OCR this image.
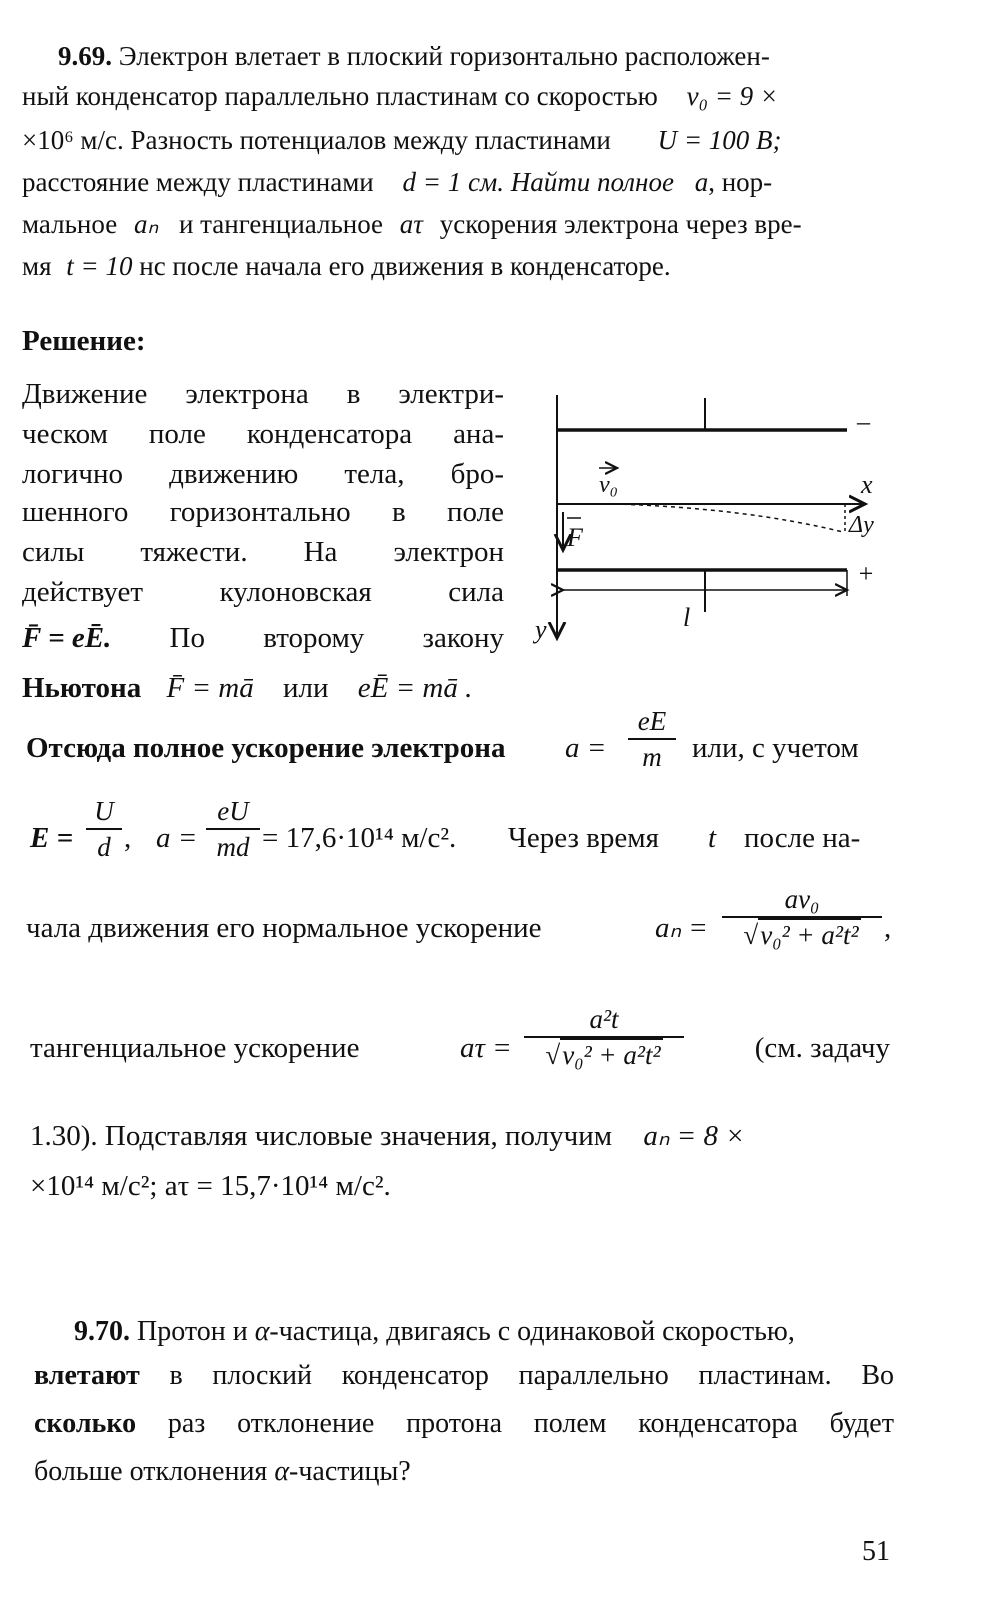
9.69. Электрон влетает в плоский горизонтально расположен-
ный конденсатор параллельно пластинам со скоростью v₀ = 9 ×
×10⁶ м/с. Разность потенциалов между пластинами U = 100 В;
расстояние между пластинами d = 1 см. Найти полное a, нор-
мальное aₙ и тангенциальное aτ ускорения электрона через вре-
мя t = 10 нс после начала его движения в конденсаторе.
Решение:
Движение электрона в электри-
ческом поле конденсатора ана-
логично движению тела, бро-
шенного горизонтально в поле
силы тяжести. На электрон
действует	кулоновская	сила
F̄ = eĒ. По второму закону
Ньютона F̄ = mā или eĒ = mā .
–
x
v₀
Δy
F
+
l
y
Отсюда полное ускорение электрона a =
eE
m	или, с учетом
E =
U
d , a =
eU
md = 17,6·10¹⁴ м/с². Через время t после на-
чала движения его нормальное ускорение	aₙ =
av₀
√v₀² + a²t² ,
тангенциальное ускорение	aτ =
a²t
√v₀² + a²t²	(см. задачу
1.30). Подставляя числовые значения, получим aₙ = 8 ×
×10¹⁴ м/с²; aτ = 15,7·10¹⁴ м/с².
9.70. Протон и α-частица, двигаясь с одинаковой скоростью,
влетают в плоский конденсатор параллельно пластинам. Во
сколько раз отклонение протона полем конденсатора будет
больше отклонения α-частицы?
51
